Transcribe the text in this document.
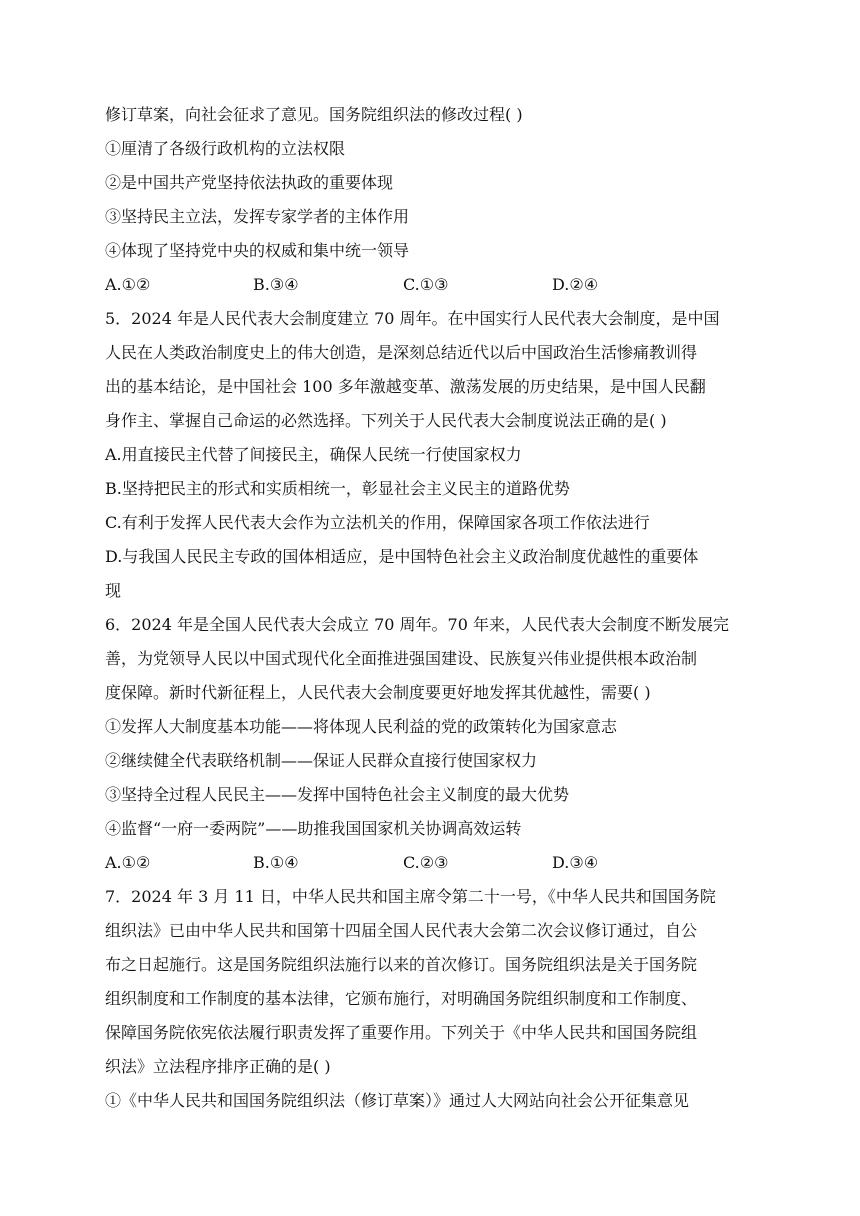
修订草案，向社会征求了意见。国务院组织法的修改过程( )
①厘清了各级行政机构的立法权限
②是中国共产党坚持依法执政的重要体现
③坚持民主立法，发挥专家学者的主体作用
④体现了坚持党中央的权威和集中统一领导
A.①②	B.③④	C.①③	D.②④
5．2024 年是人民代表大会制度建立 70 周年。在中国实行人民代表大会制度，是中国
人民在人类政治制度史上的伟大创造，是深刻总结近代以后中国政治生活惨痛教训得
出的基本结论，是中国社会 100 多年激越变革、激荡发展的历史结果，是中国人民翻
身作主、掌握自己命运的必然选择。下列关于人民代表大会制度说法正确的是( )
A.用直接民主代替了间接民主，确保人民统一行使国家权力
B.坚持把民主的形式和实质相统一，彰显社会主义民主的道路优势
C.有利于发挥人民代表大会作为立法机关的作用，保障国家各项工作依法进行
D.与我国人民民主专政的国体相适应，是中国特色社会主义政治制度优越性的重要体
现
6．2024 年是全国人民代表大会成立 70 周年。70 年来，人民代表大会制度不断发展完
善，为党领导人民以中国式现代化全面推进强国建设、民族复兴伟业提供根本政治制
度保障。新时代新征程上，人民代表大会制度要更好地发挥其优越性，需要( )
①发挥人大制度基本功能——将体现人民利益的党的政策转化为国家意志
②继续健全代表联络机制——保证人民群众直接行使国家权力
③坚持全过程人民民主——发挥中国特色社会主义制度的最大优势
④监督“一府一委两院”——助推我国国家机关协调高效运转
A.①②	B.①④	C.②③	D.③④
7．2024 年 3 月 11 日，中华人民共和国主席令第二十一号，《中华人民共和国国务院
组织法》已由中华人民共和国第十四届全国人民代表大会第二次会议修订通过，自公
布之日起施行。这是国务院组织法施行以来的首次修订。国务院组织法是关于国务院
组织制度和工作制度的基本法律，它颁布施行，对明确国务院组织制度和工作制度、
保障国务院依宪依法履行职责发挥了重要作用。下列关于《中华人民共和国国务院组
织法》立法程序排序正确的是( )
①《中华人民共和国国务院组织法（修订草案）》通过人大网站向社会公开征集意见
